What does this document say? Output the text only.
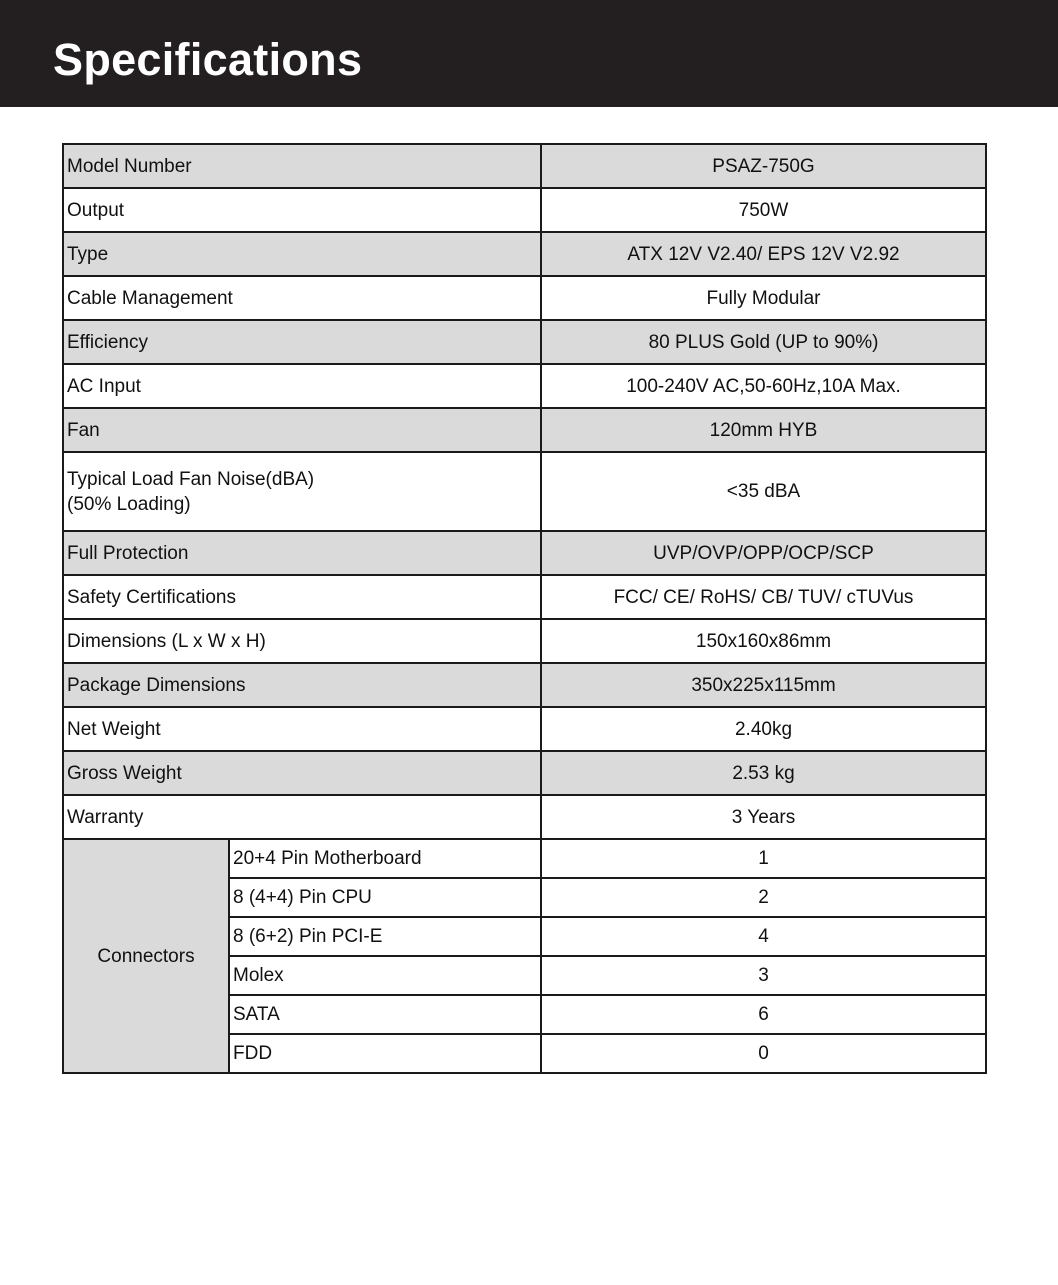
Specifications
Model Number		PSAZ-750G
Output		750W
Type		ATX 12V V2.40/ EPS 12V V2.92
Cable Management		Fully Modular
Efficiency		80 PLUS Gold (UP to 90%)
AC Input		100-240V AC,50-60Hz,10A Max.
Fan		120mm HYB
Typical Load Fan Noise(dBA)
(50% Loading)		<35 dBA
Full Protection		UVP/OVP/OPP/OCP/SCP
Safety Certifications		FCC/ CE/ RoHS/ CB/ TUV/ cTUVus
Dimensions (L x W x H)		150x160x86mm
Package Dimensions		350x225x115mm
Net Weight		2.40kg
Gross Weight		2.53 kg
Warranty		3 Years
Connectors	20+4 Pin Motherboard	1
	8 (4+4) Pin CPU	2
	8 (6+2) Pin PCI-E	4
	Molex	3
	SATA	6
	FDD	0
